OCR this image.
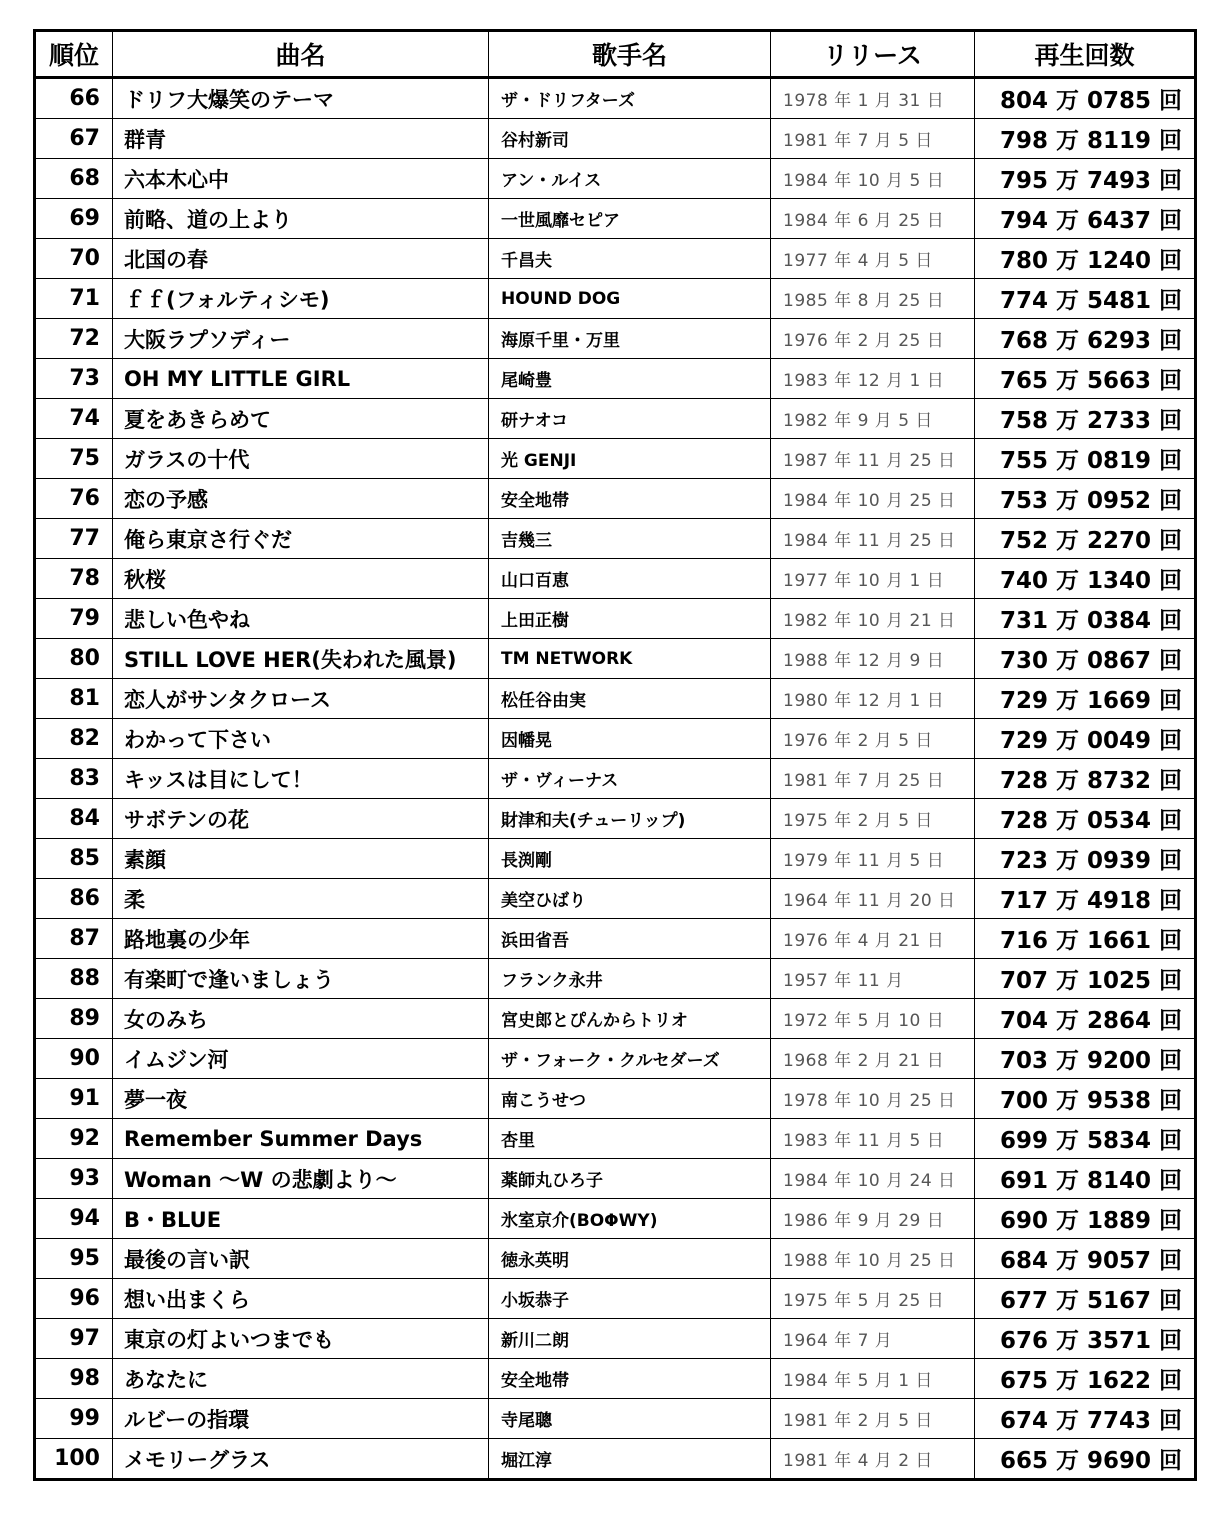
順位	曲名	歌手名	リリース	再生回数
66	ドリフ大爆笑のテーマ	ザ・ドリフターズ	1978 年 1 月 31 日	804 万 0785 回
67	群青	谷村新司	1981 年 7 月 5 日	798 万 8119 回
68	六本木心中	アン・ルイス	1984 年 10 月 5 日	795 万 7493 回
69	前略、道の上より	一世風靡セピア	1984 年 6 月 25 日	794 万 6437 回
70	北国の春	千昌夫	1977 年 4 月 5 日	780 万 1240 回
71	ｆｆ(フォルティシモ)	HOUND DOG	1985 年 8 月 25 日	774 万 5481 回
72	大阪ラプソディー	海原千里・万里	1976 年 2 月 25 日	768 万 6293 回
73	OH MY LITTLE GIRL	尾崎豊	1983 年 12 月 1 日	765 万 5663 回
74	夏をあきらめて	研ナオコ	1982 年 9 月 5 日	758 万 2733 回
75	ガラスの十代	光 GENJI	1987 年 11 月 25 日	755 万 0819 回
76	恋の予感	安全地帯	1984 年 10 月 25 日	753 万 0952 回
77	俺ら東京さ行ぐだ	吉幾三	1984 年 11 月 25 日	752 万 2270 回
78	秋桜	山口百恵	1977 年 10 月 1 日	740 万 1340 回
79	悲しい色やね	上田正樹	1982 年 10 月 21 日	731 万 0384 回
80	STILL LOVE HER(失われた風景)	TM NETWORK	1988 年 12 月 9 日	730 万 0867 回
81	恋人がサンタクロース	松任谷由実	1980 年 12 月 1 日	729 万 1669 回
82	わかって下さい	因幡晃	1976 年 2 月 5 日	729 万 0049 回
83	キッスは目にして！	ザ・ヴィーナス	1981 年 7 月 25 日	728 万 8732 回
84	サボテンの花	財津和夫(チューリップ)	1975 年 2 月 5 日	728 万 0534 回
85	素顔	長渕剛	1979 年 11 月 5 日	723 万 0939 回
86	柔	美空ひばり	1964 年 11 月 20 日	717 万 4918 回
87	路地裏の少年	浜田省吾	1976 年 4 月 21 日	716 万 1661 回
88	有楽町で逢いましょう	フランク永井	1957 年 11 月	707 万 1025 回
89	女のみち	宮史郎とぴんからトリオ	1972 年 5 月 10 日	704 万 2864 回
90	イムジン河	ザ・フォーク・クルセダーズ	1968 年 2 月 21 日	703 万 9200 回
91	夢一夜	南こうせつ	1978 年 10 月 25 日	700 万 9538 回
92	Remember Summer Days	杏里	1983 年 11 月 5 日	699 万 5834 回
93	Woman ～W の悲劇より～	薬師丸ひろ子	1984 年 10 月 24 日	691 万 8140 回
94	B・BLUE	氷室京介(BOΦWY)	1986 年 9 月 29 日	690 万 1889 回
95	最後の言い訳	徳永英明	1988 年 10 月 25 日	684 万 9057 回
96	想い出まくら	小坂恭子	1975 年 5 月 25 日	677 万 5167 回
97	東京の灯よいつまでも	新川二朗	1964 年 7 月	676 万 3571 回
98	あなたに	安全地帯	1984 年 5 月 1 日	675 万 1622 回
99	ルビーの指環	寺尾聰	1981 年 2 月 5 日	674 万 7743 回
100	メモリーグラス	堀江淳	1981 年 4 月 2 日	665 万 9690 回
